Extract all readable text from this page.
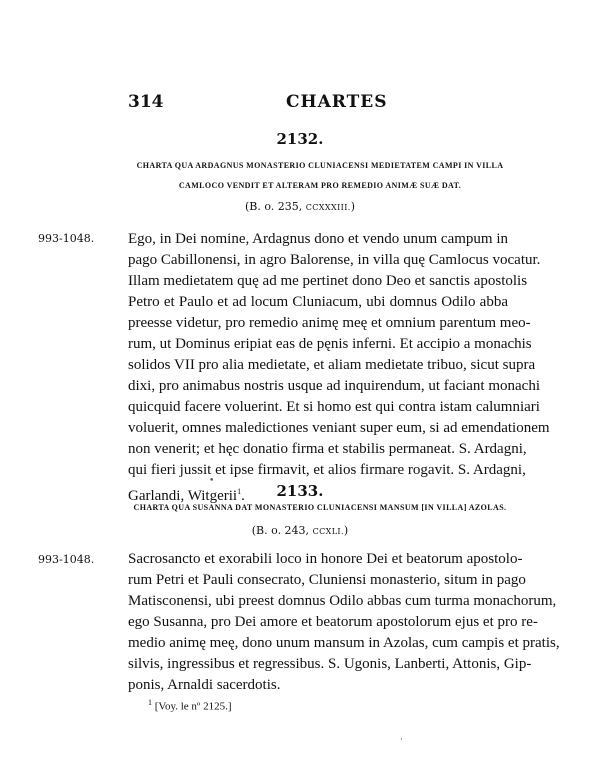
314	CHARTES
2132.
CHARTA QUA ARDAGNUS MONASTERIO CLUNIACENSI MEDIETATEM CAMPI IN VILLA
CAMLOCO VENDIT ET ALTERAM PRO REMEDIO ANIMÆ SUÆ DAT.
(B. o. 235, CCXXXIII.)
993-1048. Ego, in Dei nomine, Ardagnus dono et vendo unum campum in
pago Cabillonensi, in agro Balorense, in villa quę Camlocus vocatur.
Illam medietatem quę ad me pertinet dono Deo et sanctis apostolis
Petro et Paulo et ad locum Cluniacum, ubi domnus Odilo abba
preesse videtur, pro remedio animę meę et omnium parentum meo-
rum, ut Dominus eripiat eas de pęnis inferni. Et accipio a monachis
solidos VII pro alia medietate, et aliam medietate tribuo, sicut supra
dixi, pro animabus nostris usque ad inquirendum, ut faciant monachi
quicquid facere voluerint. Et si homo est qui contra istam calumniari
voluerit, omnes maledictiones veniant super eum, si ad emendationem
non venerit; et hęc donatio firma et stabilis permaneat. S. Ardagni,
qui fieri jussit et ipse firmavit, et alios firmare rogavit. S. Ardagni,
Garlandi, Witgerii$^1$.	2133.
CHARTA QUA SUSANNA DAT MONASTERIO CLUNIACENSI MANSUM [IN VILLA] AZOLAS.
(B. o. 243, CCXLI.)
993-1048. Sacrosancto et exorabili loco in honore Dei et beatorum apostolo-
rum Petri et Pauli consecrato, Cluniensi monasterio, situm in pago
Matisconensi, ubi preest domnus Odilo abbas cum turma monachorum,
ego Susanna, pro Dei amore et beatorum apostolorum ejus et pro re-
medio animę meę, dono unum mansum in Azolas, cum campis et pratis,
silvis, ingressibus et regressibus. S. Ugonis, Lanberti, Attonis, Gip-
ponis, Arnaldi sacerdotis.
$^1$ [Voy. le nº 2125.]
•
·
